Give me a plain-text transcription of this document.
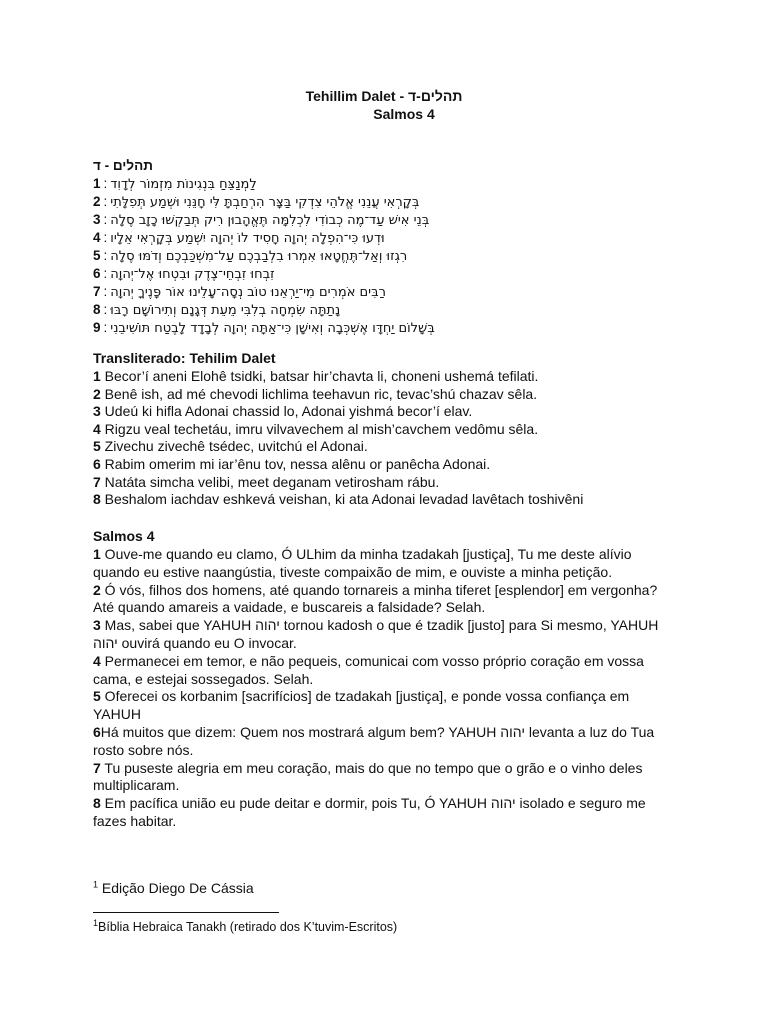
תהלים-ד - Tehillim Dalet
Salmos 4
תהלים - ד
1 : לַמְנַצֵּחַ בִּנְגִינוֹת מִזְמוֹר לְדָוִד
2 : בְּקָרְאִי עֲנֵנִי אֱלֹהֵי צִדְקִי בַּצָּר הִרְחַבְתָּ לִּי חָנֵּנִי וּשְׁמַע תְּפִלָּתִי
3 : בְּנֵי אִישׁ עַד־מֶה כְבוֹדִי לִכְלִמָּה תֶּאֱהָבוּן רִיק תְּבַקְשׁוּ כָזָב סֶלָה
4 : וּדְעוּ כִּי־הִפְלָה יְהוָה חָסִיד לוֹ יְהוָה יִשְׁמַע בְּקָרְאִי אֵלָיו
5 : רִגְזוּ וְאַל־תֶּחֱטָאוּ אִמְרוּ בִלְבַבְכֶם עַל־מִשְׁכַּבְכֶם וְדֹמּוּ סֶלָה
6 : זִבְחוּ זִבְחֵי־צֶדֶק וּבִטְחוּ אֶל־יְהוָה
7 : רַבִּים אֹמְרִים מִי־יַרְאֵנוּ טוֹב נְסָה־עָלֵינוּ אוֹר פָּנֶיךָ יְהוָה
8 : נָתַתָּה שִׂמְחָה בְלִבִּי מֵעֵת דְּגָנָם וְתִירוֹשָׁם רָבּוּ
9 : בְּשָׁלוֹם יַחְדָּו אֶשְׁכְּבָה וְאִישָׁן כִּי־אַתָּה יְהוָה לְבָדָד לָבֶטַח תּוֹשִׁיבֵנִי
Transliterado: Tehilim Dalet
1 Becor’í aneni Elohê tsidki, batsar hir’chavta li, choneni ushemá tefilati.
2 Benê ish, ad mé chevodi lichlima teehavun ric, tevac’shú chazav sêla.
3 Udeú ki hifla Adonai chassid lo, Adonai yishmá becor’í elav.
4 Rigzu veal techetáu, imru vilvavechem al mish’cavchem vedômu sêla.
5 Zivechu zivechê tsédec, uvitchú el Adonai.
6 Rabim omerim mi iar’ênu tov, nessa alênu or panêcha Adonai.
7 Natáta simcha velibi, meet deganam vetirosham rábu.
8 Beshalom iachdav eshkevá veishan, ki ata Adonai levadad lavêtach toshivêni
Salmos 4
1 Ouve-me quando eu clamo, Ó ULhim da minha tzadakah [justiça], Tu me deste alívio quando eu estive naangústia, tiveste compaixão de mim, e ouviste a minha petição.
2 Ó vós, filhos dos homens, até quando tornareis a minha tiferet [esplendor] em vergonha? Até quando amareis a vaidade, e buscareis a falsidade? Selah.
3 Mas, sabei que YAHUH יהוה tornou kadosh o que é tzadik [justo] para Si mesmo, YAHUH יהוה ouvirá quando eu O invocar.
4 Permanecei em temor, e não pequeis, comunicai com vosso próprio coração em vossa cama, e estejai sossegados. Selah.
5 Oferecei os korbanim [sacrifícios] de tzadakah [justiça], e ponde vossa confiança em YAHUH
6Há muitos que dizem: Quem nos mostrará algum bem? YAHUH יהוה levanta a luz do Tua rosto sobre nós.
7 Tu puseste alegria em meu coração, mais do que no tempo que o grão e o vinho deles multiplicaram.
8 Em pacífica união eu pude deitar e dormir, pois Tu, Ó YAHUH יהוה isolado e seguro me fazes habitar.
$^1$ Edição Diego De Cássia
$^1$Bíblia Hebraica Tanakh (retirado dos K’tuvim-Escritos)
